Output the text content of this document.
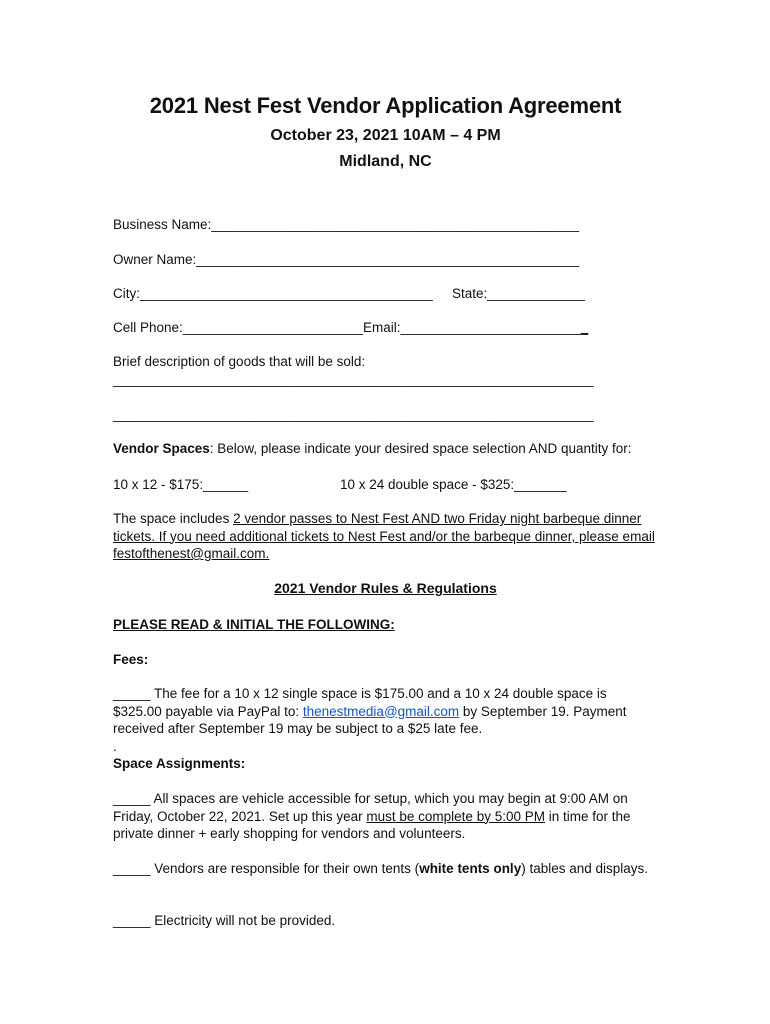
2021 Nest Fest Vendor Application Agreement
October 23, 2021 10AM – 4 PM
Midland, NC
Business Name:_________________________________________________
Owner Name:___________________________________________________
City:_______________________________________ State:_____________
Cell Phone:________________________Email:_________________________
Brief description of goods that will be sold:
________________________________________________________________
________________________________________________________________
Vendor Spaces: Below, please indicate your desired space selection AND quantity for:
10 x 12 - $175:______	10 x 24 double space - $325:_______
The space includes 2 vendor passes to Nest Fest AND two Friday night barbeque dinner tickets. If you need additional tickets to Nest Fest and/or the barbeque dinner, please email festofthenest@gmail.com.
2021 Vendor Rules & Regulations
PLEASE READ & INITIAL THE FOLLOWING:
Fees:
_____ The fee for a 10 x 12 single space is $175.00 and a 10 x 24 double space is $325.00 payable via PayPal to: thenestmedia@gmail.com by September 19. Payment received after September 19 may be subject to a $25 late fee.
.
Space Assignments:
_____ All spaces are vehicle accessible for setup, which you may begin at 9:00 AM on Friday, October 22, 2021. Set up this year must be complete by 5:00 PM in time for the private dinner + early shopping for vendors and volunteers.
_____ Vendors are responsible for their own tents (white tents only) tables and displays.
_____ Electricity will not be provided.
